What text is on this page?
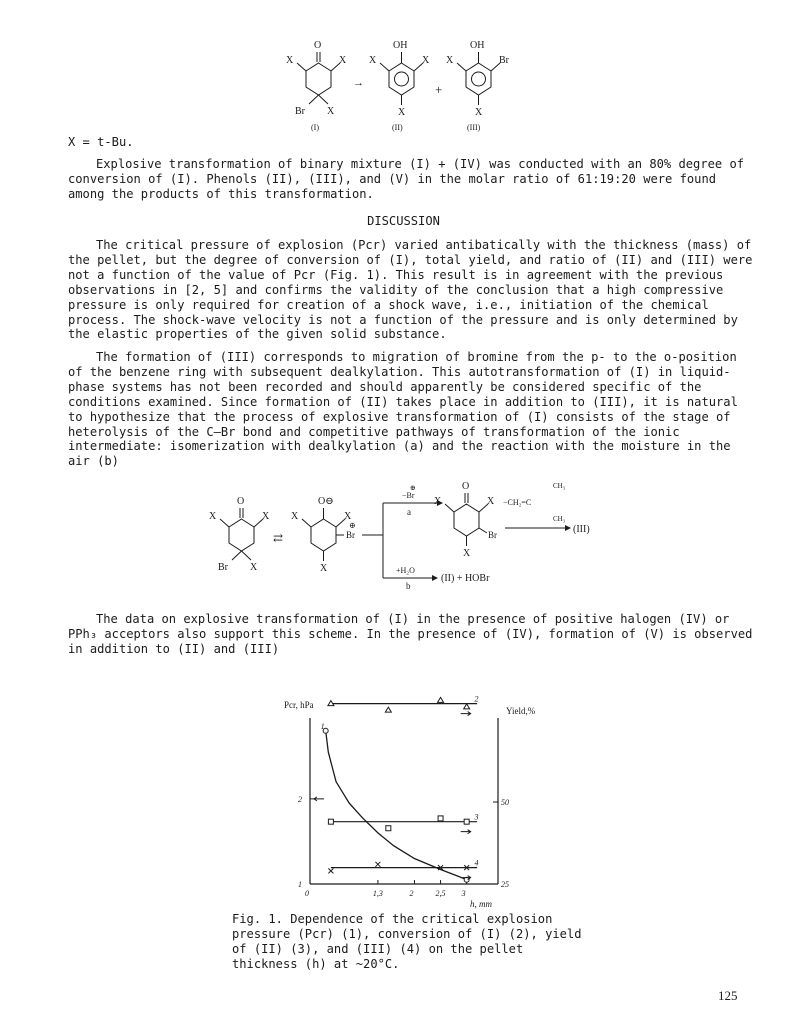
O
X	X
Br X
(I)
→
OH
X	X
X
(II)
+
OH
X	Br
X
(III)
X = t-Bu.
Explosive transformation of binary mixture (I) + (IV) was conducted with an 80% degree of conversion of (I). Phenols (II), (III), and (V) in the molar ratio of 61:19:20 were found among the products of this transformation.
DISCUSSION
The critical pressure of explosion (Pcr) varied antibatically with the thickness (mass) of the pellet, but the degree of conversion of (I), total yield, and ratio of (II) and (III) were not a function of the value of Pcr (Fig. 1). This result is in agreement with the previous observations in [2, 5] and confirms the validity of the conclusion that a high compressive pressure is only required for creation of a shock wave, i.e., initiation of the chemical process. The shock-wave velocity is not a function of the pressure and is only determined by the elastic properties of the given solid substance.
The formation of (III) corresponds to migration of bromine from the p- to the o-position of the benzene ring with subsequent dealkylation. This autotransformation of (I) in liquid-phase systems has not been recorded and should apparently be considered specific of the conditions examined. Since formation of (II) takes place in addition to (III), it is natural to hypothesize that the process of explosive transformation of (I) consists of the stage of heterolysis of the C–Br bond and competitive pathways of transformation of the ionic intermediate: isomerization with dealkylation (a) and the reaction with the moisture in the air (b)
O
X	X
Br X
⇄
O⊖
X	X
⊕
Br
X
⊕
−Br
a
+H₂O
b
(II) + HOBr
O
X	X
Br
X
CH₃
−CH₂=C
CH₃
(III)
The data on explosive transformation of (I) in the presence of positive halogen (IV) or PPh₃ acceptors also support this scheme. In the presence of (IV), formation of (V) is observed in addition to (II) and (III)
Pcr, hPa
Yield,%
h, mm
0	1,3	2	2,5 3
1
2
25
50
1
2
3
4
Fig. 1. Dependence of the critical explosion pressure (Pcr) (1), conversion of (I) (2), yield of (II) (3), and (III) (4) on the pellet thickness (h) at ~20°C.
125
